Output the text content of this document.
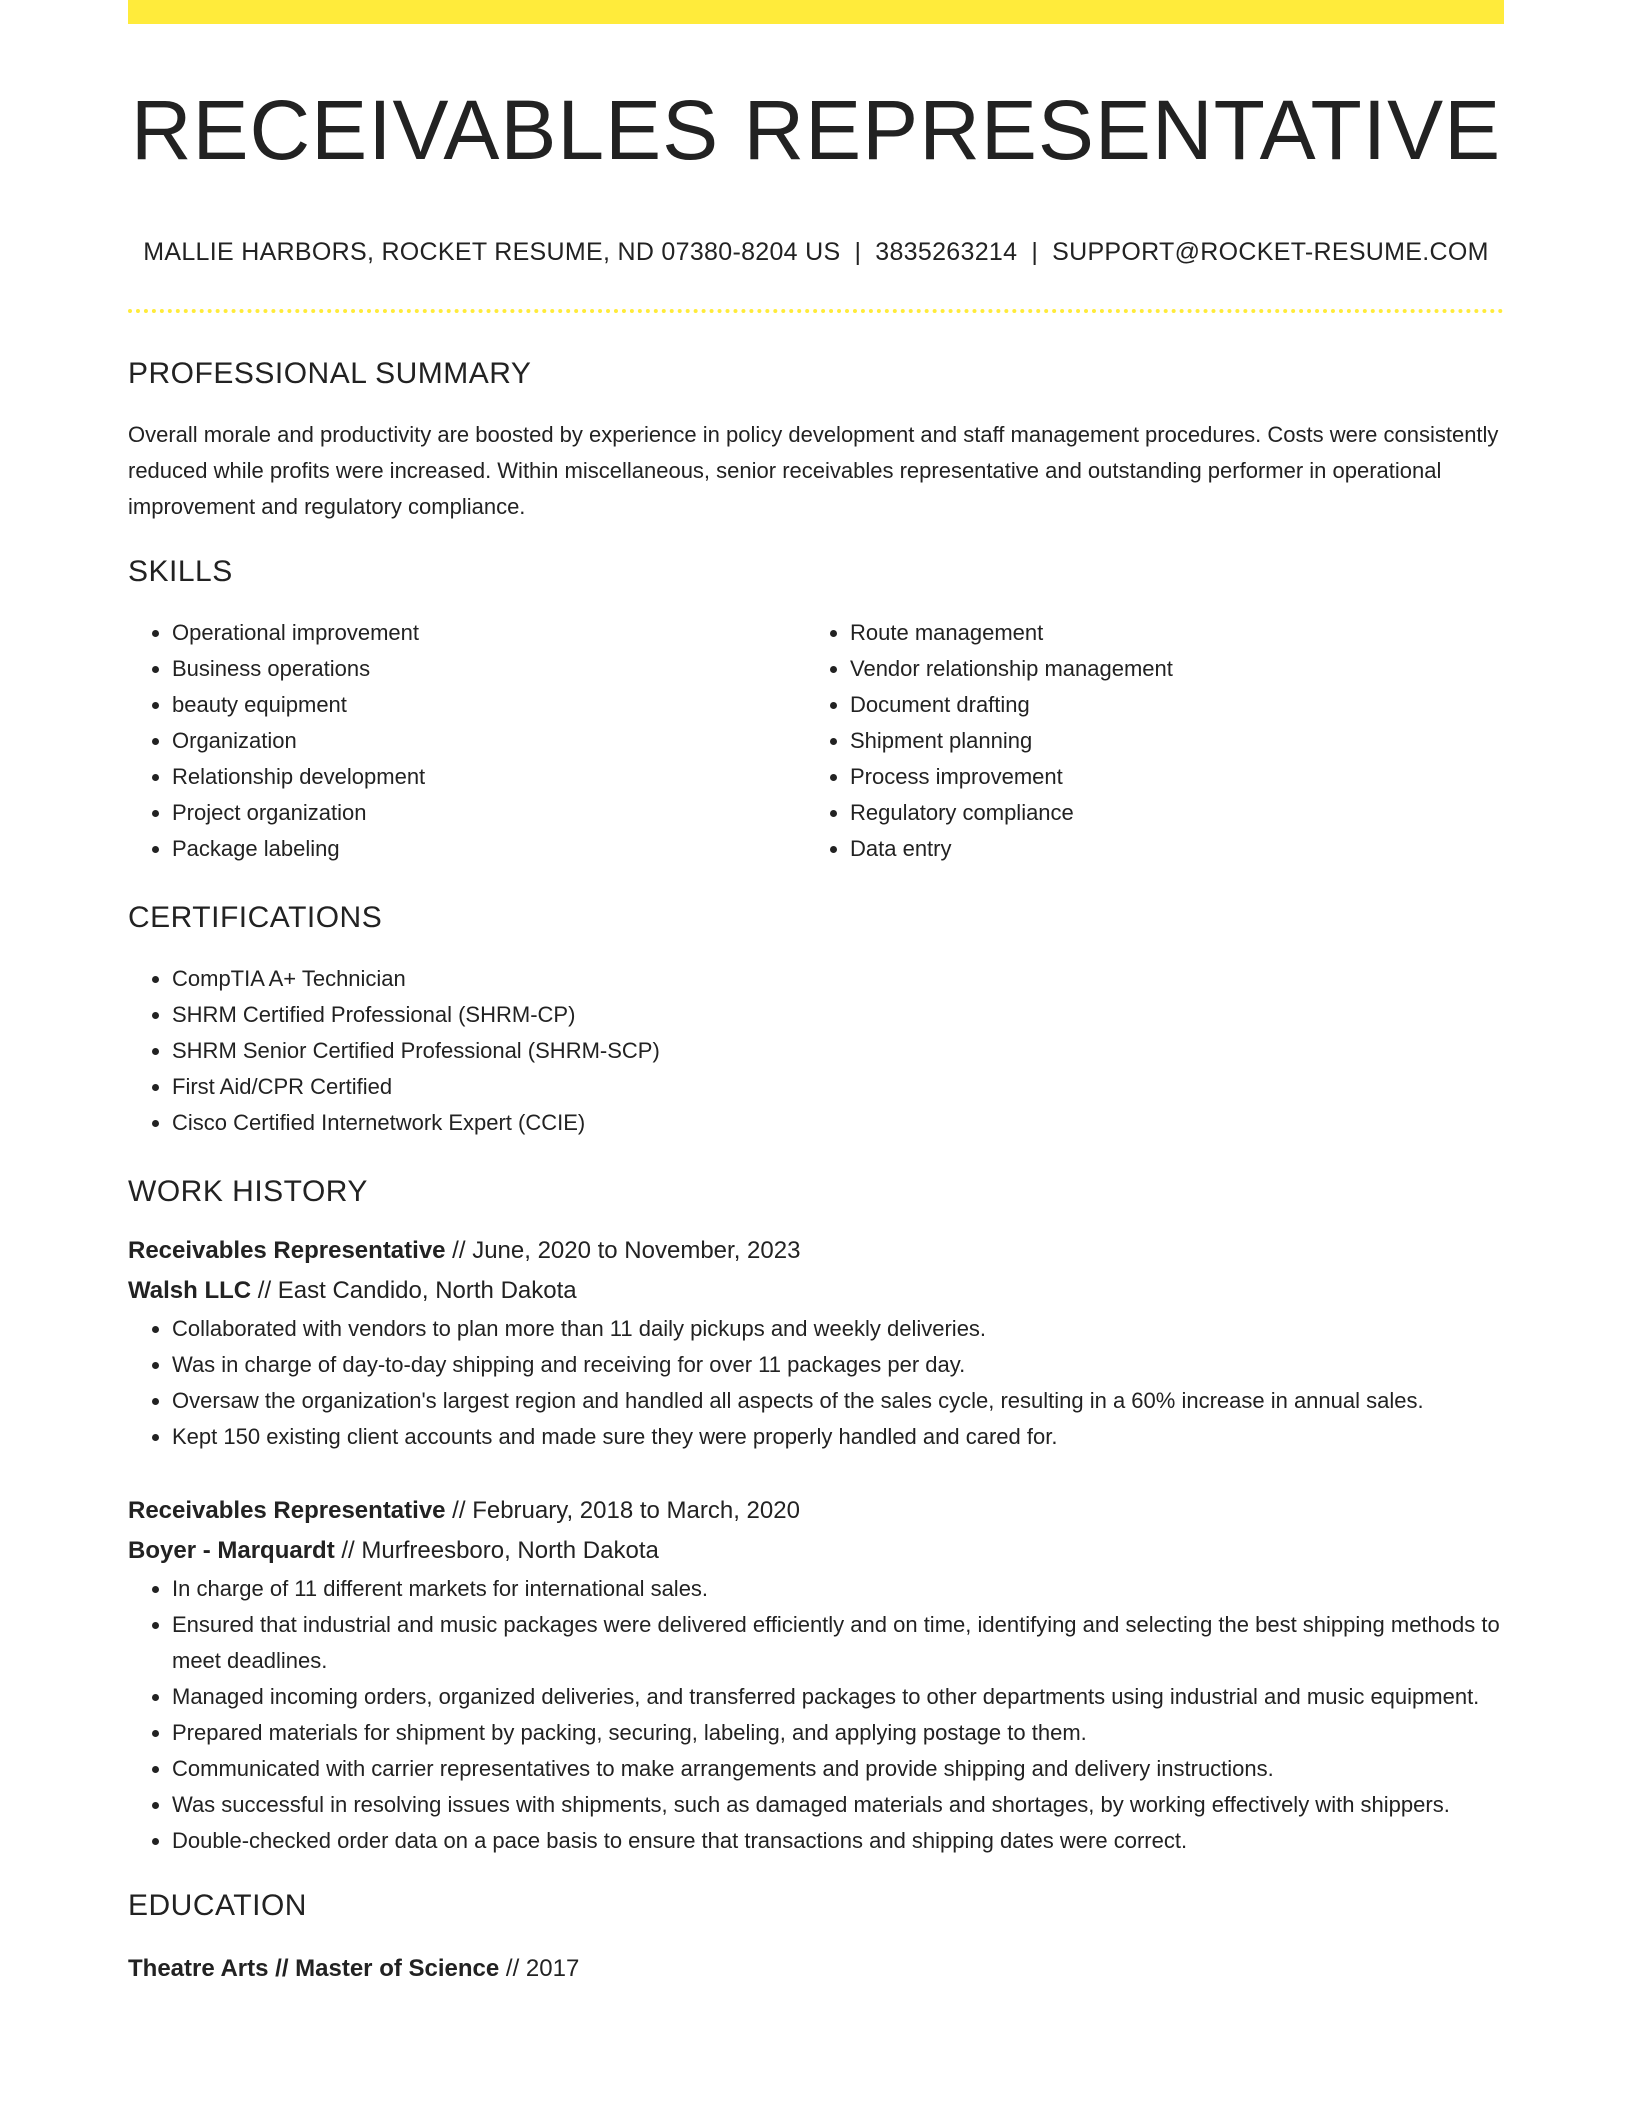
RECEIVABLES REPRESENTATIVE
MALLIE HARBORS, ROCKET RESUME, ND 07380-8204 US | 3835263214 | SUPPORT@ROCKET-RESUME.COM
PROFESSIONAL SUMMARY

Overall morale and productivity are boosted by experience in policy development and staff management procedures. Costs were consistently reduced while profits were increased. Within miscellaneous, senior receivables representative and outstanding performer in operational improvement and regulatory compliance.

SKILLS
• Operational improvement
• Business operations
• beauty equipment
• Organization
• Relationship development
• Project organization
• Package labeling
• Route management
• Vendor relationship management
• Document drafting
• Shipment planning
• Process improvement
• Regulatory compliance
• Data entry
CERTIFICATIONS
• CompTIA A+ Technician
• SHRM Certified Professional (SHRM-CP)
• SHRM Senior Certified Professional (SHRM-SCP)
• First Aid/CPR Certified
• Cisco Certified Internetwork Expert (CCIE)
WORK HISTORY
Receivables Representative // June, 2020 to November, 2023
Walsh LLC // East Candido, North Dakota
• Collaborated with vendors to plan more than 11 daily pickups and weekly deliveries.
• Was in charge of day-to-day shipping and receiving for over 11 packages per day.
• Oversaw the organization's largest region and handled all aspects of the sales cycle, resulting in a 60% increase in annual sales.
• Kept 150 existing client accounts and made sure they were properly handled and cared for.
Receivables Representative // February, 2018 to March, 2020
Boyer - Marquardt // Murfreesboro, North Dakota
• In charge of 11 different markets for international sales.
• Ensured that industrial and music packages were delivered efficiently and on time, identifying and selecting the best shipping methods to meet deadlines.
• Managed incoming orders, organized deliveries, and transferred packages to other departments using industrial and music equipment.
• Prepared materials for shipment by packing, securing, labeling, and applying postage to them.
• Communicated with carrier representatives to make arrangements and provide shipping and delivery instructions.
• Was successful in resolving issues with shipments, such as damaged materials and shortages, by working effectively with shippers.
• Double-checked order data on a pace basis to ensure that transactions and shipping dates were correct.
EDUCATION
Theatre Arts // Master of Science // 2017
